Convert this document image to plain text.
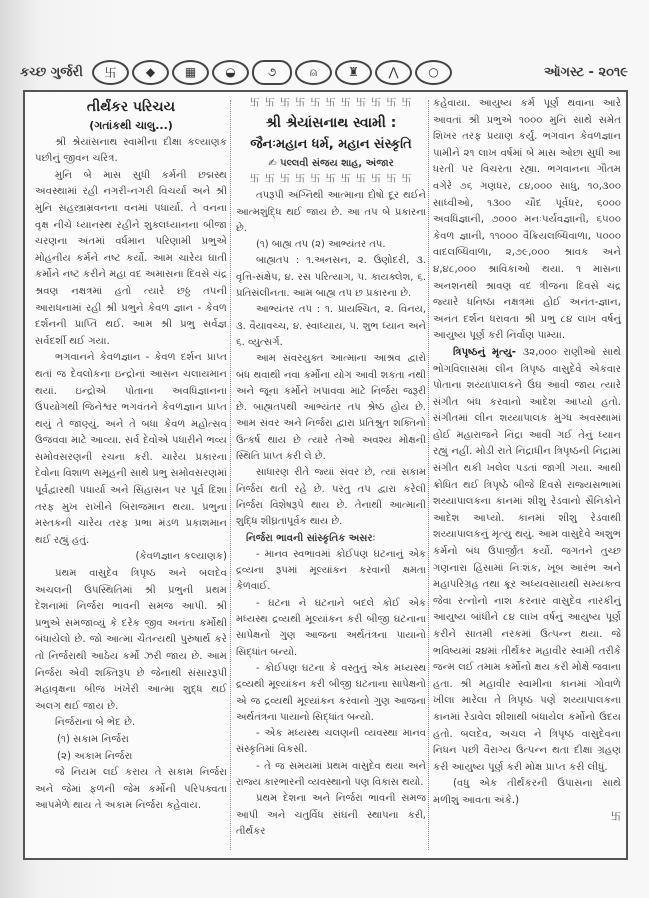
કચ્છ ગુર્જરી	卐	◆	▦	◒	૭	⍝	♜	⋀	○	ઑગસ્ટ - ૨૦૧૯

તીર્થંકર પરિચય

(ગતાંકથી ચાલુ...)

શ્રી શ્રેયાંસનાથ સ્વામીના દીક્ષા કલ્યાણક પછીનું જીવન ચરિત્ર.

મુનિ બે માસ સુધી કર્મની છદ્મસ્થ અવસ્થામાં રહી નગરી-નગરી વિચર્યા અને શ્રી મુનિ સહસ્ત્રામ્રવનના વનમાં પધાર્યા. તે વનના વૃક્ષ નીચે ધ્યાનસ્થ રહીને શુક્લધ્યાનના બીજા ચરણના અંતમાં વર્ધમાન પરિણામી પ્રભુએ મોહનીય કર્મને નષ્ટ કર્યો. આમ ચારેય ઘાતી કર્મોને નષ્ટ કરીને મહા વદ અમાસના દિવસે ચંદ્ર શ્રવણ નક્ષત્રમાં હતો ત્યારે છઠ્ઠ તપની આરાધનામાં રહી શ્રી પ્રભુને કેવળ જ્ઞાન - કેવળ દર્શનની પ્રાપ્તિ થઈ. આમ શ્રી પ્રભુ સર્વજ્ઞ સર્વદર્શી થઈ ગયા.

ભગવાનને કેવળજ્ઞાન - કેવળ દર્શન પ્રાપ્ત થતાં જ દેવલોકના ઇન્દ્રોનાં આસન ચલાયમાન થયાં. ઇન્દ્રોએ પોતાના અવધિજ્ઞાનના ઉપયોગથી જિનેશ્વર ભગવંતને કેવળજ્ઞાન પ્રાપ્ત થયું તે જાણ્યું. અને તે બધા કેવળ મહોત્સવ ઉજવવા માટે આવ્યા. સર્વ દેવોએ પધારીને ભવ્ય સમોવસરણની રચના કરી. ચારેય પ્રકારના દેવોના વિશાળ સમૂહની સાથે પ્રભુ સમોવસરણમાં પૂર્વદ્વારથી પધાર્યા અને સિંહાસન પર પૂર્વ દિશા તરફ મુખ રાખીને બિરાજમાન થયા. પ્રભુના મસ્તકની ચારેય તરફ પ્રભા મંડળ પ્રકાશમાન થઈ રહ્યું હતું.

(કેવળજ્ઞાન કલ્યાણક)

પ્રથમ વાસુદેવ ત્રિપૃષ્ઠ અને બલદેવ અચલની ઉપસ્થિતિમાં શ્રી પ્રભુની પ્રથમ દેશનામાં નિર્જરા ભાવની સમજ આપી. શ્રી પ્રભુએ સમજાવ્યું કે દરેક જીવ અનંતા કર્મોથી બંધાયેલો છે. જો આત્મા ચૈતન્યથી પુરુષાર્થ કરે તો નિર્જરાથી આઠેય કર્મો ઝરી જાય છે. આમ નિર્જરા એવી શક્તિરૂપ છે જેનાથી સંસારરૂપી મહાવૃક્ષના બીજ ખંખેરી આત્મા શુદ્ધ થઈ અલગ થઈ જાય છે.

નિર્જરાના બે ભેદ છે.

(૧) સકામ નિર્જરા

(૨) અકામ નિર્જરા

જે નિયમ લઈ કરાય તે સકામ નિર્જરા અને જેમાં ફળની જેમ કર્મોની પરિપક્વતા આપમેળે થાય તે અકામ નિર્જરા કહેવાય.

卐 卐 卐 卐 卐 卐 卐 卐 卐 卐 卐

શ્રી શ્રેયાંસનાથ સ્વામી :

જૈનઃમહાન ધર્મ, મહાન સંસ્કૃતિ

✍ પલ્લવી સંજય શાહ, અંજાર

卐 卐 卐 卐 卐 卐 卐 卐 卐 卐 卐

તપરૂપી અગ્નિથી આત્માના દોષો દૂર થઈને આત્મશુદ્ધિ થઈ જાય છે. આ તપ બે પ્રકારના છે.

(૧) બાહ્ય તપ (૨) આભ્યંતર તપ.

બાહ્યતપ : ૧.અનસન, ૨. ઉણોદરી, ૩. વૃત્તિ-સંક્ષેપ, ૪. રસ પરિત્યાગ, ૫. કાયક્લેશ, ૬. પ્રતિસંલીનતા. આમ બાહ્ય તપ છ પ્રકારના છે.

આભ્યંતર તપ : ૧. પ્રાયશ્ચિત, ૨. વિનય, ૩. વૈયાવચ્ચ, ૪. સ્વાધ્યાય, ૫. શુભ ધ્યાન અને ૬. વ્યુત્સર્ગ.

આમ સંવરયુક્ત આત્માના આશ્રવ દ્વારો બંધ થવાથી નવા કર્મોના યોગ આવી શકતા નથી અને જૂના કર્મોને ખપાવવા માટે નિર્જરા જરૂરી છે. બાહ્યતપથી આભ્યંતર તપ શ્રેષ્ઠ હોય છે. આમ સંવર અને નિર્જરા દ્વારા પ્રતિશ્રુત શક્તિનો ઉત્કર્ષ થાય છે ત્યારે તેઓ અવશ્ય મોક્ષની સ્થિતિ પ્રાપ્ત કરી લે છે.

સાધારણ રીતે જ્યાં સંવર છે, ત્યાં સકામ નિર્જરા થતી રહે છે. પરંતુ તપ દ્વારા કરેલી નિર્જરા વિશેષરૂપે થાય છે. તેનાથી આત્માની શુદ્ધિ શીઘ્રતાપૂર્વક થાય છે.

નિર્જરા ભાવની સાંસ્કૃતિક અસરઃ

- માનવ સ્વભાવમાં કોઈપણ ઘટનાનું એક દ્રવ્યના રૂપમાં મૂલ્યાંકન કરવાની ક્ષમતા કેળવાઈ.

- ઘટના ને ઘટનાને બદલે કોઈ એક મધ્યસ્થ દ્રવ્યથી મૂલ્યાંકન કરી બીજી ઘટનાના સાપેક્ષનો ગુણ આજના અર્થતંત્રના પાયાનો સિદ્ધાંત બન્યો.

- કોઈપણ ઘટના કે વસ્તુનું એક મધ્યસ્થ દ્રવ્યથી મૂલ્યાંકન કરી બીજી ઘટનાના સાપેક્ષનો એ જ દ્રવ્યથી મૂલ્યાંકન કરવાનો ગુણ આજના અર્થતંત્રના પાયાનો સિદ્ધાંત બન્યો.

- એક મધ્યસ્થ ચલણની વ્યવસ્થા માનવ સંસ્કૃતિમાં વિકસી.

- તે જ સમયમાં પ્રથમ વાસુદેવ થયા અને રાજ્ય કારભારની વ્યવસ્થાનો પણ વિકાસ થયો.

પ્રથમ દેશના અને નિર્જરા ભાવની સમજ આપી અને ચતુર્વિધ સંઘની સ્થાપના કરી, તીર્થંકર

કહેવાયા. આયુષ્ય કર્મ પૂર્ણ થવાના આરે આવતાં શ્રી પ્રભુએ ૧૦૦૦ મુનિ સાથે સમેત શિખર તરફ પ્રયાણ કર્યું. ભગવાન કેવળજ્ઞાન પામીને ૨૧ લાખ વર્ષમાં બે માસ ઓછા સુધી આ ધરતી પર વિચરતા રહ્યા. ભગવાનના ગૌતમ વગેરે ૭૬ ગણધર, ૮૪,૦૦૦ સાધુ, ૧૦,૩૦૦ સાધ્વીઓ, ૧૩૦૦ ચૌદ પૂર્વધર, ૬૦૦૦ અવધિજ્ઞાની, ૭૦૦૦ મનઃપર્યવજ્ઞાની, ૬૫૦૦ કેવળ જ્ઞાની, ૧૧૦૦૦ વૈક્રિયલબ્ધિવાળા, ૫૦૦૦ વાદલબ્ધિવાળા, ૨,૭૯,૦૦૦ શ્રાવક અને ૪,૪૮,૦૦૦ શ્રાવિકાઓ થયા. ૧ માસના અનશનથી શ્રાવણ વદ ત્રીજના દિવસે ચંદ્ર જ્યારે ધનિષ્ઠા નક્ષત્રમાં હોઈ અનંત-જ્ઞાન, અનંત દર્શન ધરાવતા શ્રી પ્રભુ ૮૪ લાખ વર્ષનું આયુષ્ય પૂર્ણ કરી નિર્વાણ પામ્યા.

ત્રિપૃષ્ઠનું મૃત્યુ- ૩૨,૦૦૦ રાણીઓ સાથે ભોગવિલાસમાં લીન ત્રિપૃષ્ઠ વાસુદેવે એકવાર પોતાના શય્યાપાલકને ઉંઘ આવી જાય ત્યારે સંગીત બંધ કરવાનો આદેશ આપ્યો હતો. સંગીતમાં લીન શય્યાપાલક મુગ્ધ અવસ્થામાં હોઈ મહારાજને નિંદ્રા આવી ગઈ તેનું ધ્યાન રહ્યું નહીં. મોડી રાતે નિંદ્રાધીન ત્રિપૃષ્ઠની નિદ્રામાં સંગીત થકી ખલેલ પડતાં જાગી ગયા. આથી ક્રોધિત થઈ ત્રિપૃષ્ઠે બીજે દિવસે રાજ્યસભામાં શય્યાપાલકના કાનમાં શીશુ રેડવાનો સૈનિકોને આદેશ આપ્યો. કાનમાં શીશુ રેડવાથી શય્યાપાલકનું મૃત્યુ થયું. આમ વાસુદેવે અશુભ કર્મનો બંધ ઉપાર્જીત કર્યો. જગતને તુચ્છ ગણનારા હિંસામાં નિઃશંક, ખૂબ આરંભ અને મહાપરિગ્રહ તથા ક્રૂર અધ્યવસાયથી સમ્યક્ત્વ જેવા રત્નોનો નાશ કરનાર વાસુદેવ નારકીનું આયુષ્ય બાંધીને ૮૪ લાખ વર્ષનું આયુષ્ય પૂર્ણ કરીને સાતમી નરકમાં ઉત્પન્ન થયા. જે ભવિષ્યમાં ૨૪માં તીર્થંકર મહાવીર સ્વામી તરીકે જન્મ લઈ તમામ કર્મોનો ક્ષય કરી મોક્ષે જવાના હતા. શ્રી મહાવીર સ્વામીના કાનમાં ગોવાળે ખીલા મારેલા તે ત્રિપૃષ્ઠ પણે શય્યાપાલકના કાનમાં રેડાવેલ શીશાથી બંધાયેલ કર્મોનો ઉદય હતો. બલદેવ, અચલ ને ત્રિપૃષ્ઠ વાસુદેવના નિધન પછી વૈરાગ્ય ઉત્પન્ન થતા દીક્ષા ગ્રહણ કરી આયુષ્ય પૂર્ણ કરી મોક્ષ પ્રાપ્ત કરી લીધું.

(વધુ એક તીર્થંકરની ઉપાસના સાથે મળીશું આવતા અંકે.)

卐
